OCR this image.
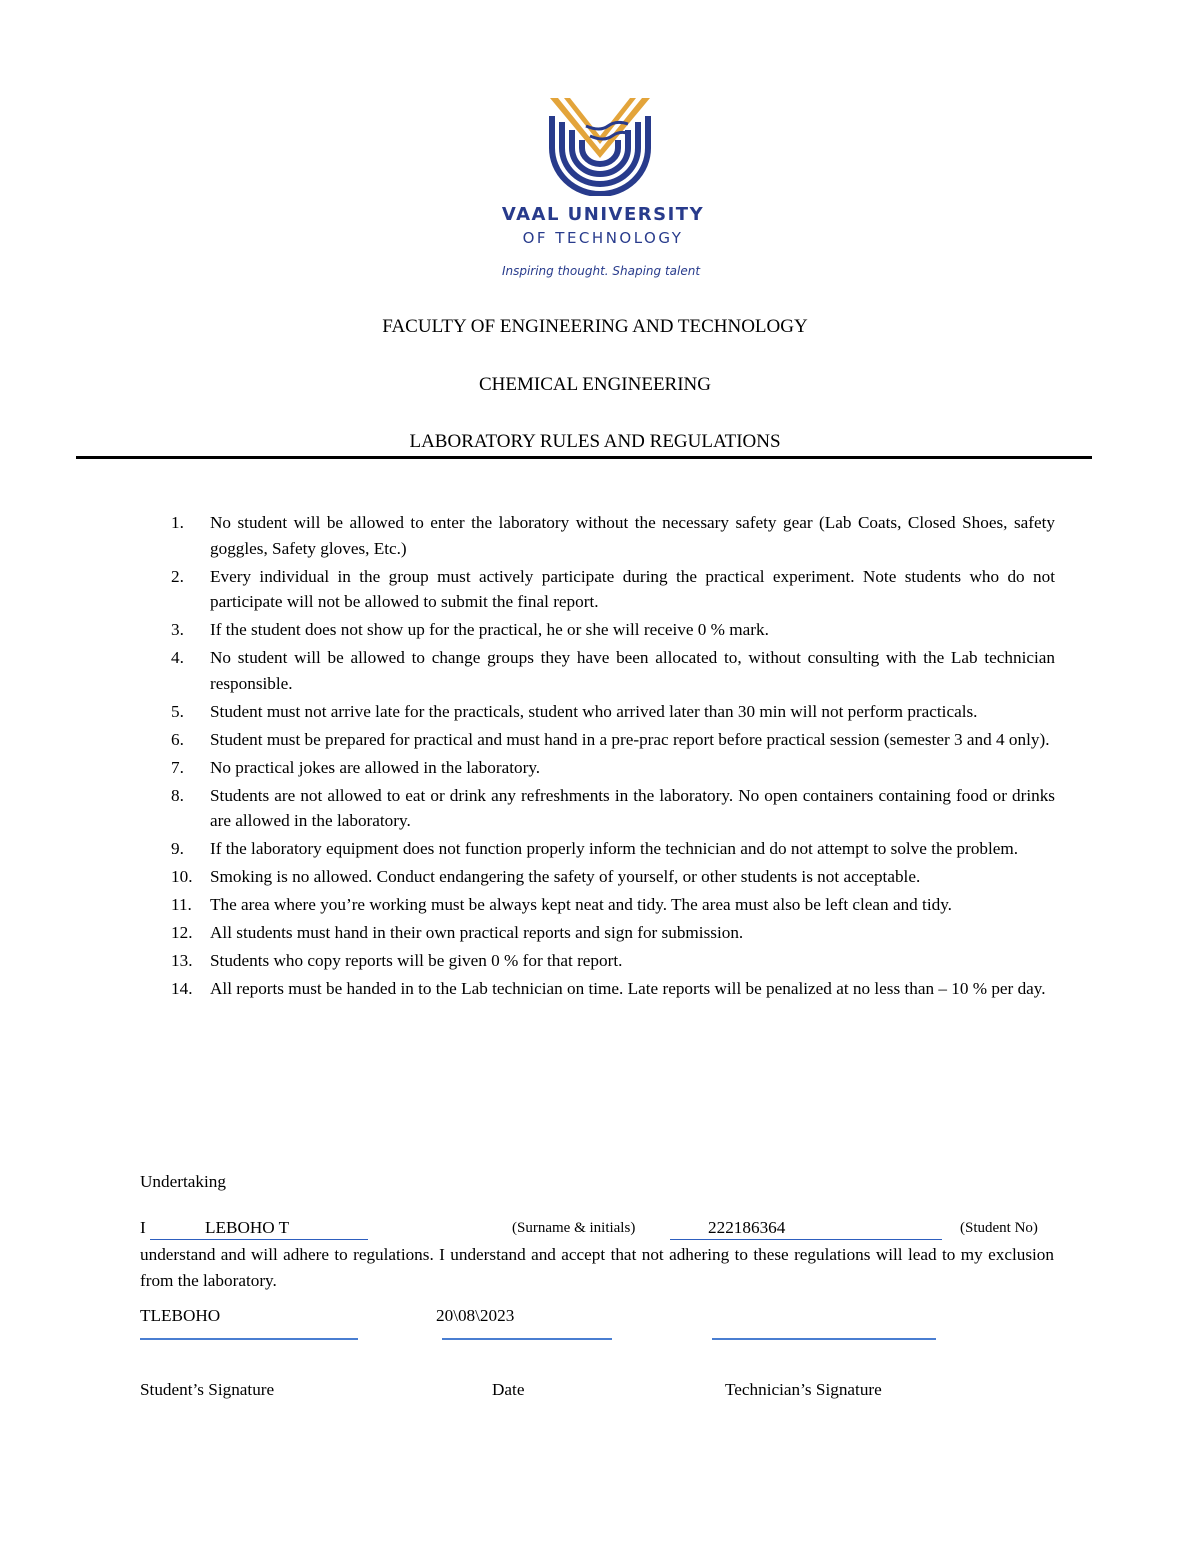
VAAL UNIVERSITY
OF TECHNOLOGY
Inspiring thought. Shaping talent
FACULTY OF ENGINEERING AND TECHNOLOGY
CHEMICAL ENGINEERING
LABORATORY RULES AND REGULATIONS
1. No student will be allowed to enter the laboratory without the necessary safety gear (Lab Coats, Closed Shoes, safety goggles, Safety gloves, Etc.)
2. Every individual in the group must actively participate during the practical experiment. Note students who do not participate will not be allowed to submit the final report.
3. If the student does not show up for the practical, he or she will receive 0 % mark.
4. No student will be allowed to change groups they have been allocated to, without consulting with the Lab technician responsible.
5. Student must not arrive late for the practicals, student who arrived later than 30 min will not perform practicals.
6. Student must be prepared for practical and must hand in a pre-prac report before practical session (semester 3 and 4 only).
7. No practical jokes are allowed in the laboratory.
8. Students are not allowed to eat or drink any refreshments in the laboratory. No open containers containing food or drinks are allowed in the laboratory.
9. If the laboratory equipment does not function properly inform the technician and do not attempt to solve the problem.
10. Smoking is no allowed. Conduct endangering the safety of yourself, or other students is not acceptable.
11. The area where you’re working must be always kept neat and tidy. The area must also be left clean and tidy.
12. All students must hand in their own practical reports and sign for submission.
13. Students who copy reports will be given 0 % for that report.
14. All reports must be handed in to the Lab technician on time. Late reports will be penalized at no less than – 10 % per day.
Undertaking
I	LEBOHO T	(Surname & initials)	222186364	(Student No)
understand and will adhere to regulations. I understand and accept that not adhering to these regulations will lead to my exclusion from the laboratory.
TLEBOHO	20\08\2023
Student’s Signature	Date	Technician’s Signature
